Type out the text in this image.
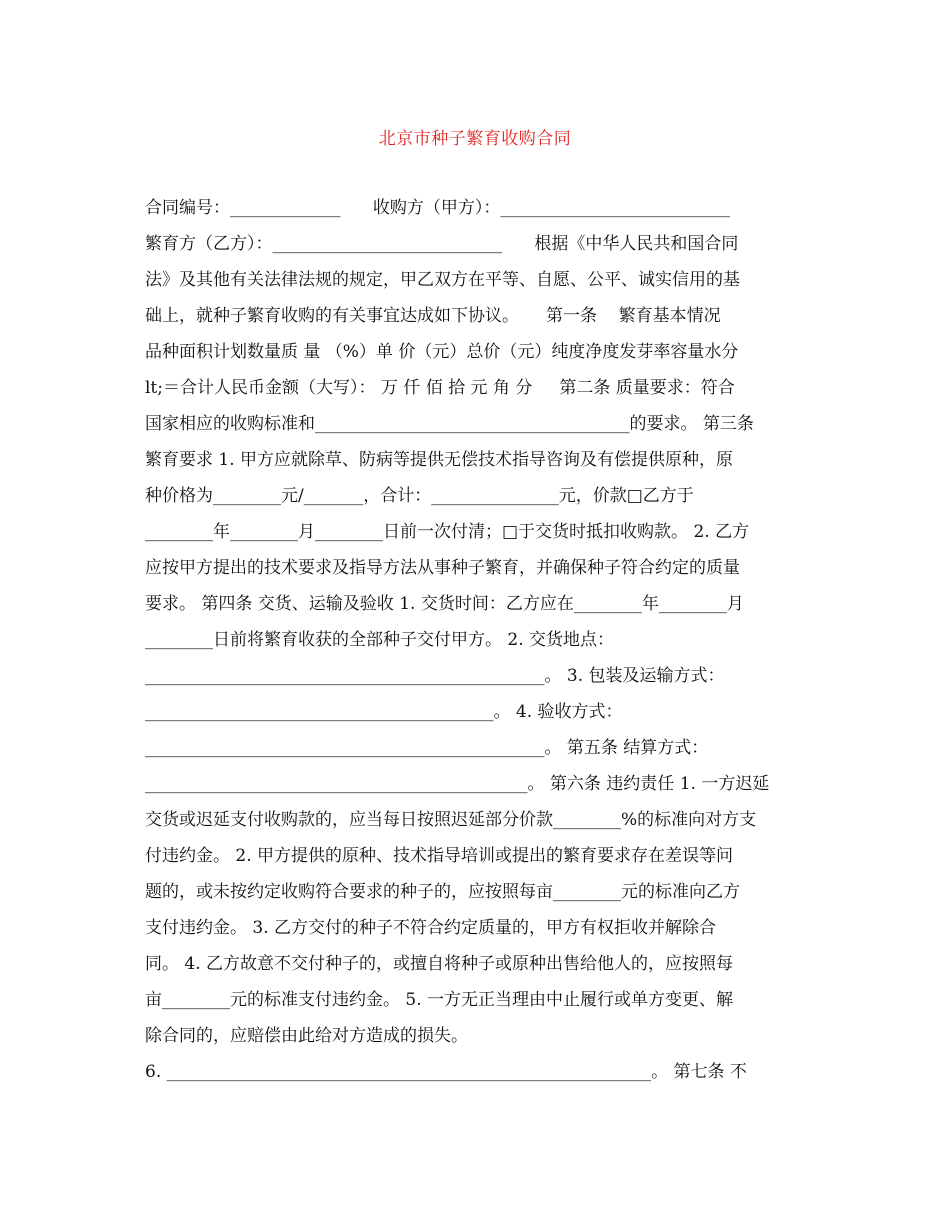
北京市种子繁育收购合同
合同编号：_____________      收购方（甲方）：___________________________
繁育方（乙方）：___________________________      根据《中华人民共和国合同
法》及其他有关法律法规的规定，甲乙双方在平等、自愿、公平、诚实信用的基
础上，就种子繁育收购的有关事宜达成如下协议。     第一条    繁育基本情况
品种面积计划数量质 量 （%）单 价（元）总价（元）纯度净度发芽率容量水分
lt;＝合计人民币金额（大写）： 万 仟 佰 拾 元 角 分     第二条 质量要求：符合
国家相应的收购标准和_____________________________________的要求。 第三条
繁育要求 1. 甲方应就除草、防病等提供无偿技术指导咨询及有偿提供原种，原
种价格为________元/_______，合计：_______________元，价款□乙方于
________年________月________日前一次付清；□于交货时抵扣收购款。 2. 乙方
应按甲方提出的技术要求及指导方法从事种子繁育，并确保种子符合约定的质量
要求。 第四条 交货、运输及验收 1. 交货时间：乙方应在________年________月
________日前将繁育收获的全部种子交付甲方。 2. 交货地点：
_______________________________________________。 3. 包装及运输方式：
_________________________________________。 4. 验收方式：
_______________________________________________。 第五条 结算方式：
_____________________________________________。 第六条 违约责任 1. 一方迟延
交货或迟延支付收购款的，应当每日按照迟延部分价款________%的标准向对方支
付违约金。 2. 甲方提供的原种、技术指导培训或提出的繁育要求存在差误等问
题的，或未按约定收购符合要求的种子的，应按照每亩________元的标准向乙方
支付违约金。 3. 乙方交付的种子不符合约定质量的，甲方有权拒收并解除合
同。 4. 乙方故意不交付种子的，或擅自将种子或原种出售给他人的，应按照每
亩________元的标准支付违约金。 5. 一方无正当理由中止履行或单方变更、解
除合同的，应赔偿由此给对方造成的损失。
6. _________________________________________________________。 第七条 不
